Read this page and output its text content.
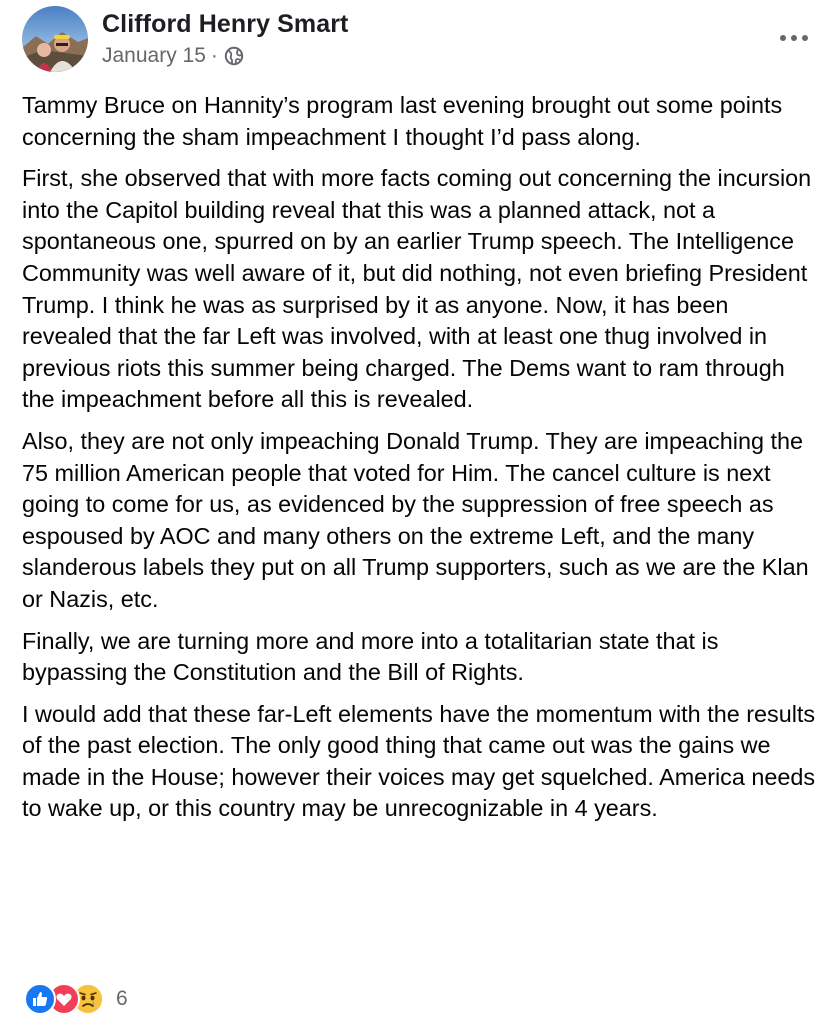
Clifford Henry Smart
January 15 ·

Tammy Bruce on Hannity’s program last evening brought out some points concerning the sham impeachment I thought I’d pass along.

First, she observed that with more facts coming out concerning the incursion into the Capitol building reveal that this was a planned attack, not a spontaneous one, spurred on by an earlier Trump speech. The Intelligence Community was well aware of it, but did nothing, not even briefing President Trump. I think he was as surprised by it as anyone. Now, it has been revealed that the far Left was involved, with at least one thug involved in previous riots this summer being charged. The Dems want to ram through the impeachment before all this is revealed.

Also, they are not only impeaching Donald Trump. They are impeaching the 75 million American people that voted for Him. The cancel culture is next going to come for us, as evidenced by the suppression of free speech as espoused by AOC and many others on the extreme Left, and the many slanderous labels they put on all Trump supporters, such as we are the Klan or Nazis, etc.

Finally, we are turning more and more into a totalitarian state that is bypassing the Constitution and the Bill of Rights.

I would add that these far-Left elements have the momentum with the results of the past election. The only good thing that came out was the gains we made in the House; however their voices may get squelched. America needs to wake up, or this country may be unrecognizable in 4 years.

6
